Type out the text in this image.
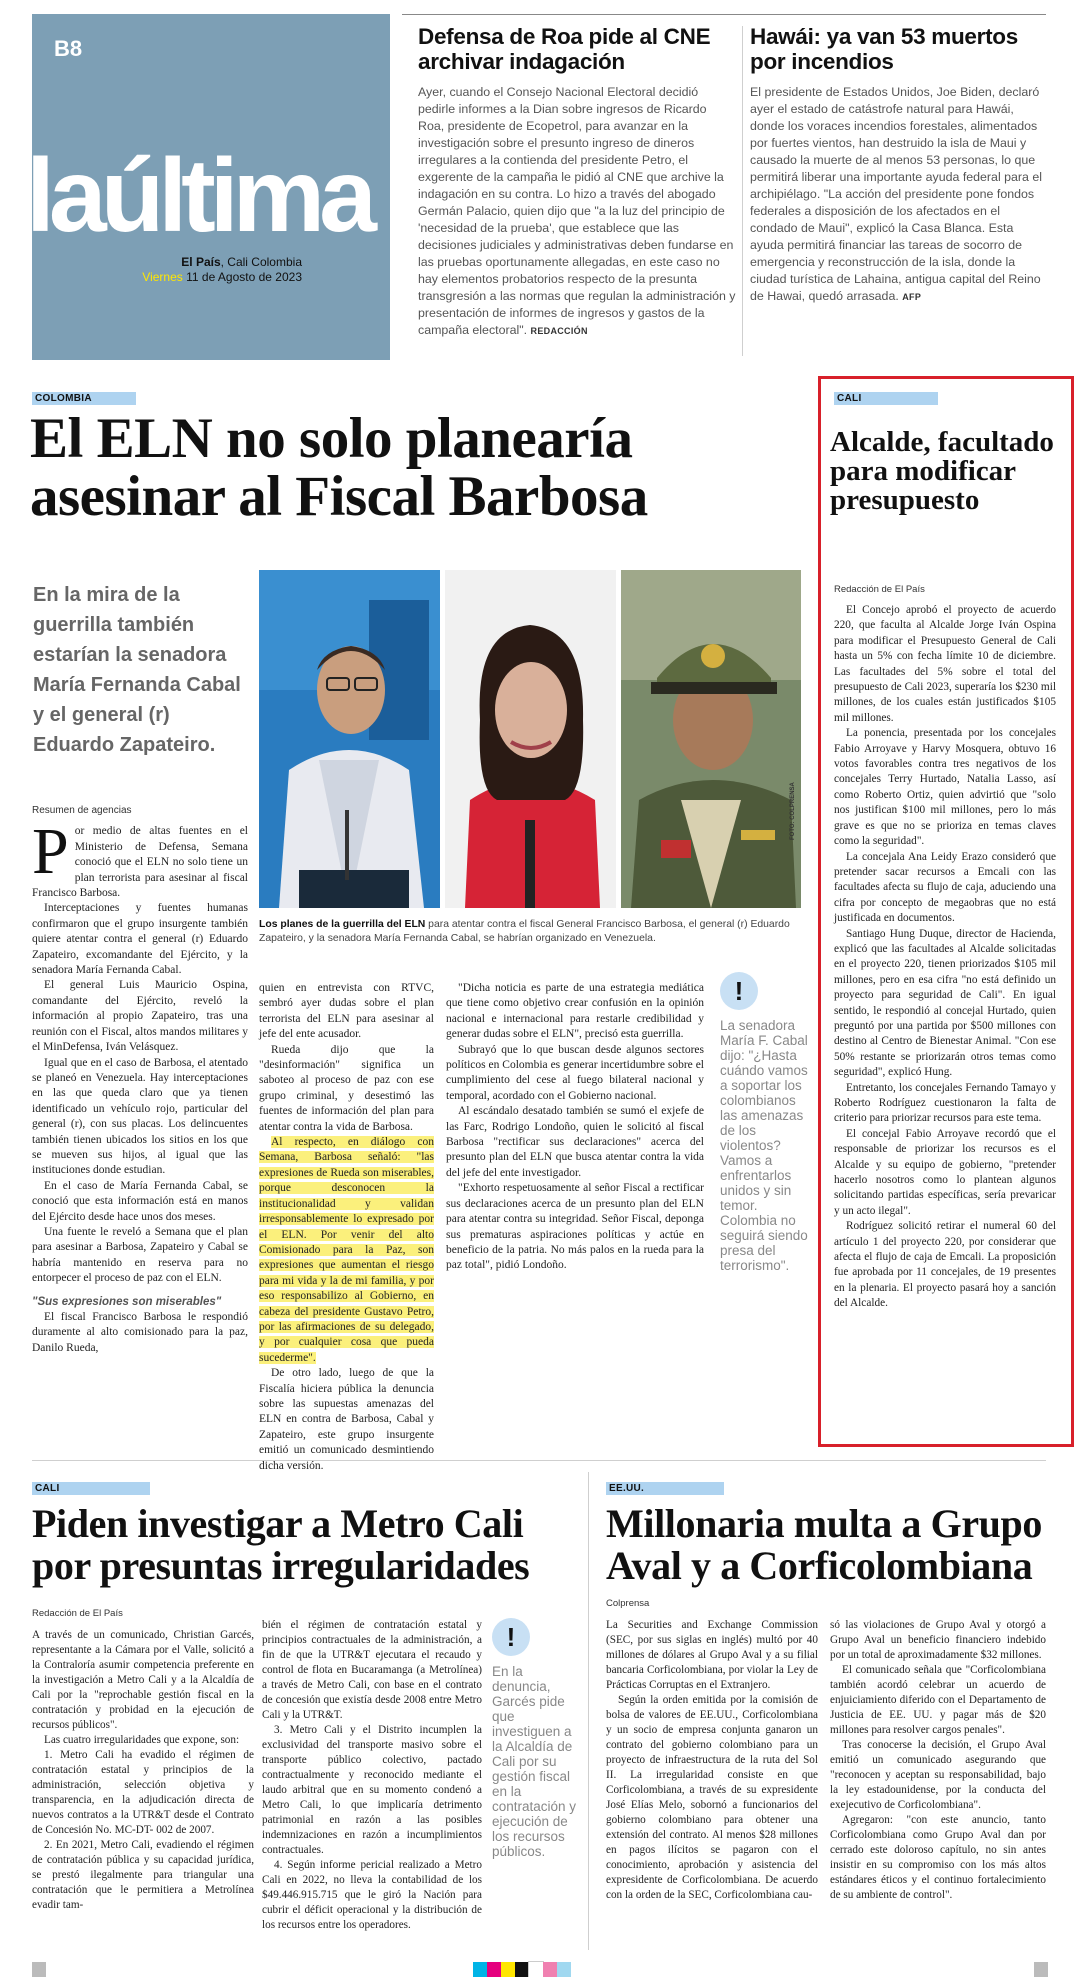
B8
laúltima
El País, Cali Colombia
Viernes 11 de Agosto de 2023
Defensa de Roa pide al CNE archivar indagación

Ayer, cuando el Consejo Nacional Electoral decidió pedirle informes a la Dian sobre ingresos de Ricardo Roa, presidente de Ecopetrol, para avanzar en la investigación sobre el presunto ingreso de dineros irregulares a la contienda del presidente Petro, el exgerente de la campaña le pidió al CNE que archive la indagación en su contra. Lo hizo a través del abogado Germán Palacio, quien dijo que "a la luz del principio de 'necesidad de la prueba', que establece que las decisiones judiciales y administrativas deben fundarse en las pruebas oportunamente allegadas, en este caso no hay elementos probatorios respecto de la presunta transgresión a las normas que regulan la administración y presentación de informes de ingresos y gastos de la campaña electoral". REDACCIÓN

Hawái: ya van 53 muertos por incendios

El presidente de Estados Unidos, Joe Biden, declaró ayer el estado de catástrofe natural para Hawái, donde los voraces incendios forestales, alimentados por fuertes vientos, han destruido la isla de Maui y causado la muerte de al menos 53 personas, lo que permitirá liberar una importante ayuda federal para el archipiélago. "La acción del presidente pone fondos federales a disposición de los afectados en el condado de Maui", explicó la Casa Blanca. Esta ayuda permitirá financiar las tareas de socorro de emergencia y reconstrucción de la isla, donde la ciudad turística de Lahaina, antigua capital del Reino de Hawai, quedó arrasada. AFP

COLOMBIA
El ELN no solo planearía asesinar al Fiscal Barbosa
En la mira de la guerrilla también estarían la senadora María Fernanda Cabal y el general (r) Eduardo Zapateiro.
FOTO: COLPRENSA
Los planes de la guerrilla del ELN para atentar contra el fiscal General Francisco Barbosa, el general (r) Eduardo Zapateiro, y la senadora María Fernanda Cabal, se habrían organizado en Venezuela.

Resumen de agencias

Por medio de altas fuentes en el Ministerio de Defensa, Semana conoció que el ELN no solo tiene un plan terrorista para asesinar al fiscal Francisco Barbosa.

Interceptaciones y fuentes humanas confirmaron que el grupo insurgente también quiere atentar contra el general (r) Eduardo Zapateiro, excomandante del Ejército, y la senadora María Fernanda Cabal.

El general Luis Mauricio Ospina, comandante del Ejército, reveló la información al propio Zapateiro, tras una reunión con el Fiscal, altos mandos militares y el MinDefensa, Iván Velásquez.

Igual que en el caso de Barbosa, el atentado se planeó en Venezuela. Hay interceptaciones en las que queda claro que ya tienen identificado un vehículo rojo, particular del general (r), con sus placas. Los delincuentes también tienen ubicados los sitios en los que se mueven sus hijos, al igual que las instituciones donde estudian.

En el caso de María Fernanda Cabal, se conoció que esta información está en manos del Ejército desde hace unos dos meses.

Una fuente le reveló a Semana que el plan para asesinar a Barbosa, Zapateiro y Cabal se habría mantenido en reserva para no entorpecer el proceso de paz con el ELN.

"Sus expresiones son miserables"

El fiscal Francisco Barbosa le respondió duramente al alto comisionado para la paz, Danilo Rueda,

quien en entrevista con RTVC, sembró ayer dudas sobre el plan terrorista del ELN para asesinar al jefe del ente acusador.

Rueda dijo que la "desinformación" significa un saboteo al proceso de paz con ese grupo criminal, y desestimó las fuentes de información del plan para atentar contra la vida de Barbosa.

Al respecto, en diálogo con Semana, Barbosa señaló: "las expresiones de Rueda son miserables, porque desconocen la institucionalidad y validan irresponsablemente lo expresado por el ELN. Por venir del alto Comisionado para la Paz, son expresiones que aumentan el riesgo para mi vida y la de mi familia, y por eso responsabilizo al Gobierno, en cabeza del presidente Gustavo Petro, por las afirmaciones de su delegado, y por cualquier cosa que pueda sucederme".

De otro lado, luego de que la Fiscalía hiciera pública la denuncia sobre las supuestas amenazas del ELN en contra de Barbosa, Cabal y Zapateiro, este grupo insurgente emitió un comunicado desmintiendo dicha versión.

"Dicha noticia es parte de una estrategia mediática que tiene como objetivo crear confusión en la opinión nacional e internacional para restarle credibilidad y generar dudas sobre el ELN", precisó esta guerrilla.

Subrayó que lo que buscan desde algunos sectores políticos en Colombia es generar incertidumbre sobre el cumplimiento del cese al fuego bilateral nacional y temporal, acordado con el Gobierno nacional.

Al escándalo desatado también se sumó el exjefe de las Farc, Rodrigo Londoño, quien le solicitó al fiscal Barbosa "rectificar sus declaraciones" acerca del presunto plan del ELN que busca atentar contra la vida del jefe del ente investigador.

"Exhorto respetuosamente al señor Fiscal a rectificar sus declaraciones acerca de un presunto plan del ELN para atentar contra su integridad. Señor Fiscal, deponga sus prematuras aspiraciones políticas y actúe en beneficio de la patria. No más palos en la rueda para la paz total", pidió Londoño.

!
La senadora María F. Cabal dijo: "¿Hasta cuándo vamos a soportar los colombianos las amenazas de los violentos? Vamos a enfrentarlos unidos y sin temor. Colombia no seguirá siendo presa del terrorismo".
CALI
Alcalde, facultado para modificar presupuesto
Redacción de El País

El Concejo aprobó el proyecto de acuerdo 220, que faculta al Alcalde Jorge Iván Ospina para modificar el Presupuesto General de Cali hasta un 5% con fecha límite 10 de diciembre. Las facultades del 5% sobre el total del presupuesto de Cali 2023, superaría los $230 mil millones, de los cuales están justificados $105 mil millones.

La ponencia, presentada por los concejales Fabio Arroyave y Harvy Mosquera, obtuvo 16 votos favorables contra tres negativos de los concejales Terry Hurtado, Natalia Lasso, así como Roberto Ortiz, quien advirtió que "solo nos justifican $100 mil millones, pero lo más grave es que no se prioriza en temas claves como la seguridad".

La concejala Ana Leidy Erazo consideró que pretender sacar recursos a Emcali con las facultades afecta su flujo de caja, aduciendo una cifra por concepto de megaobras que no está justificada en documentos.

Santiago Hung Duque, director de Hacienda, explicó que las facultades al Alcalde solicitadas en el proyecto 220, tienen priorizados $105 mil millones, pero en esa cifra "no está definido un proyecto para seguridad de Cali". En igual sentido, le respondió al concejal Hurtado, quien preguntó por una partida por $500 millones con destino al Centro de Bienestar Animal. "Con ese 50% restante se priorizarán otros temas como seguridad", explicó Hung.

Entretanto, los concejales Fernando Tamayo y Roberto Rodríguez cuestionaron la falta de criterio para priorizar recursos para este tema.

El concejal Fabio Arroyave recordó que el responsable de priorizar los recursos es el Alcalde y su equipo de gobierno, "pretender hacerlo nosotros como lo plantean algunos solicitando partidas específicas, sería prevaricar y un acto ilegal".

Rodríguez solicitó retirar el numeral 60 del artículo 1 del proyecto 220, por considerar que afecta el flujo de caja de Emcali. La proposición fue aprobada por 11 concejales, de 19 presentes en la plenaria. El proyecto pasará hoy a sanción del Alcalde.

CALI
Piden investigar a Metro Cali por presuntas irregularidades
Redacción de El País

A través de un comunicado, Christian Garcés, representante a la Cámara por el Valle, solicitó a la Contraloría asumir competencia preferente en la investigación a Metro Cali y a la Alcaldía de Cali por la "reprochable gestión fiscal en la contratación y probidad en la ejecución de recursos públicos".

Las cuatro irregularidades que expone, son:

1. Metro Cali ha evadido el régimen de contratación estatal y principios de la administración, selección objetiva y transparencia, en la adjudicación directa de nuevos contratos a la UTR&T desde el Contrato de Concesión No. MC-DT- 002 de 2007.

2. En 2021, Metro Cali, evadiendo el régimen de contratación pública y su capacidad jurídica, se prestó ilegalmente para triangular una contratación que le permitiera a Metrolínea evadir tam-

bién el régimen de contratación estatal y principios contractuales de la administración, a fin de que la UTR&T ejecutara el recaudo y control de flota en Bucaramanga (a Metrolínea) a través de Metro Cali, con base en el contrato de concesión que existía desde 2008 entre Metro Cali y la UTR&T.

3. Metro Cali y el Distrito incumplen la exclusividad del transporte masivo sobre el transporte público colectivo, pactado contractualmente y reconocido mediante el laudo arbitral que en su momento condenó a Metro Cali, lo que implicaría detrimento patrimonial en razón a las posibles indemnizaciones en razón a incumplimientos contractuales.

4. Según informe pericial realizado a Metro Cali en 2022, no lleva la contabilidad de los $49.446.915.715 que le giró la Nación para cubrir el déficit operacional y la distribución de los recursos entre los operadores.

!
En la denuncia, Garcés pide que investiguen a la Alcaldía de Cali por su gestión fiscal en la contratación y ejecución de los recursos públicos.
EE.UU.
Millonaria multa a Grupo Aval y a Corficolombiana
Colprensa

La Securities and Exchange Commission (SEC, por sus siglas en inglés) multó por 40 millones de dólares al Grupo Aval y a su filial bancaria Corficolombiana, por violar la Ley de Prácticas Corruptas en el Extranjero.

Según la orden emitida por la comisión de bolsa de valores de EE.UU., Corficolombiana y un socio de empresa conjunta ganaron un contrato del gobierno colombiano para un proyecto de infraestructura de la ruta del Sol II. La irregularidad consiste en que Corficolombiana, a través de su expresidente José Elías Melo, sobornó a funcionarios del gobierno colombiano para obtener una extensión del contrato. Al menos $28 millones en pagos ilícitos se pagaron con el conocimiento, aprobación y asistencia del expresidente de Corficolombiana. De acuerdo con la orden de la SEC, Corficolombiana cau-

só las violaciones de Grupo Aval y otorgó a Grupo Aval un beneficio financiero indebido por un total de aproximadamente $32 millones.

El comunicado señala que "Corficolombiana también acordó celebrar un acuerdo de enjuiciamiento diferido con el Departamento de Justicia de EE. UU. y pagar más de $20 millones para resolver cargos penales".

Tras conocerse la decisión, el Grupo Aval emitió un comunicado asegurando que "reconocen y aceptan su responsabilidad, bajo la ley estadounidense, por la conducta del exejecutivo de Corficolombiana".

Agregaron: "con este anuncio, tanto Corficolombiana como Grupo Aval dan por cerrado este doloroso capítulo, no sin antes insistir en su compromiso con los más altos estándares éticos y el continuo fortalecimiento de su ambiente de control".
